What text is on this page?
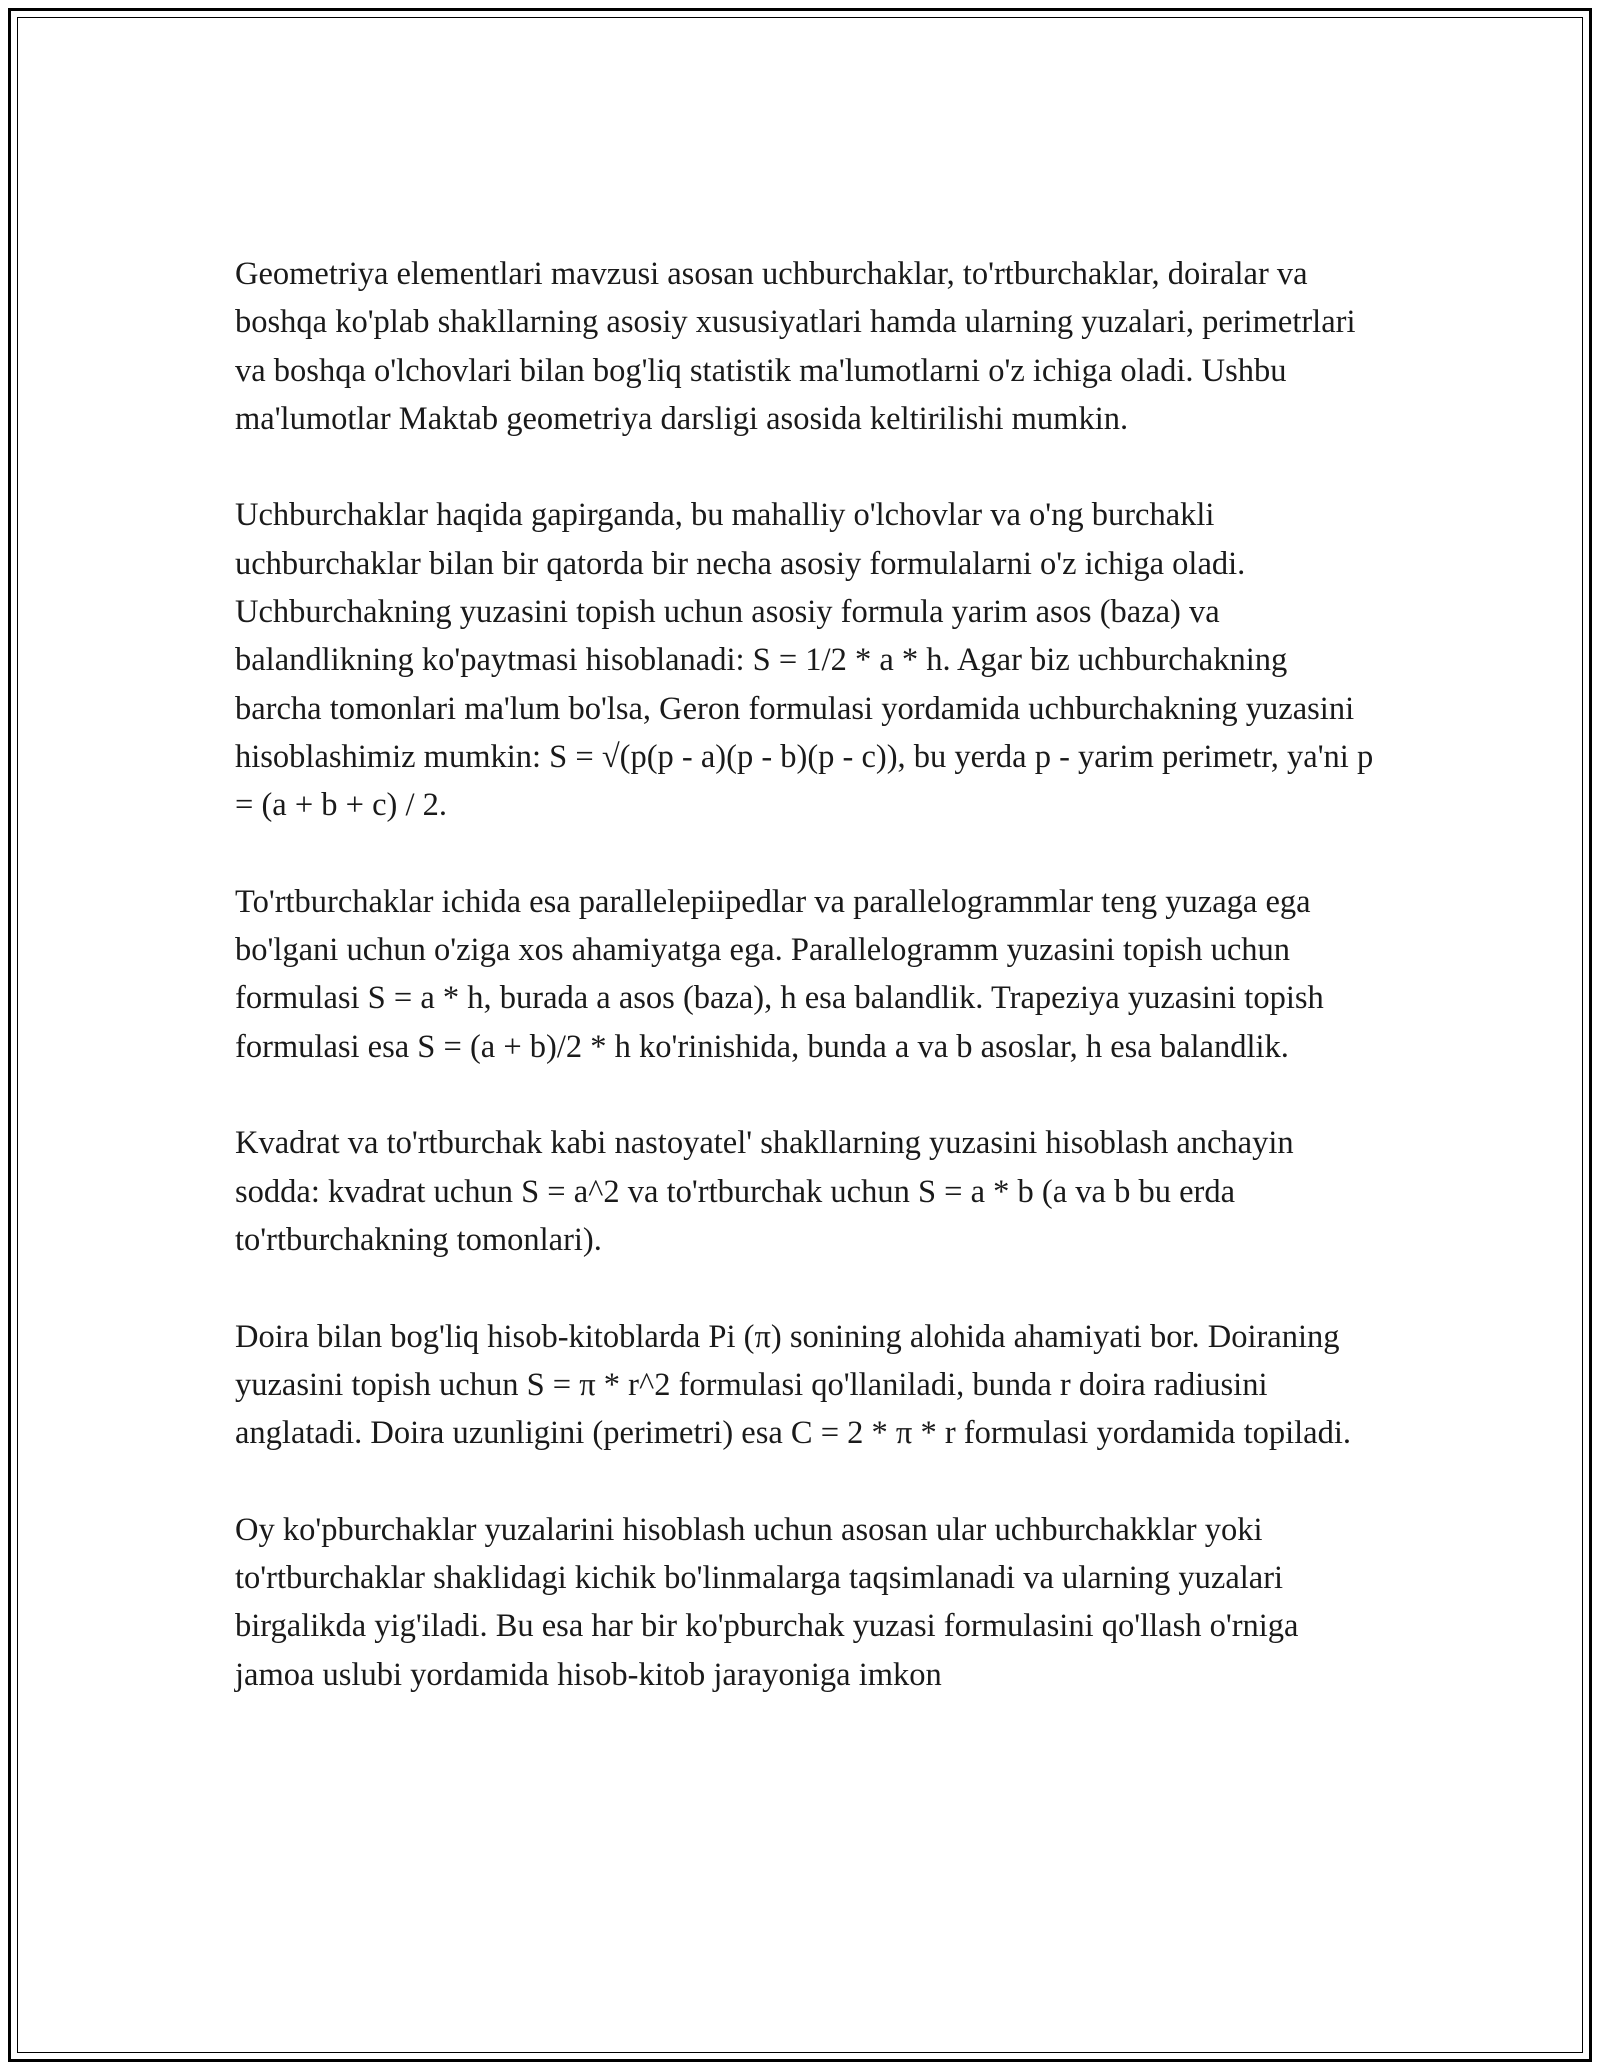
Geometriya elementlari mavzusi asosan uchburchaklar, to'rtburchaklar, doiralar va boshqa ko'plab shakllarning asosiy xususiyatlari hamda ularning yuzalari, perimetrlari va boshqa o'lchovlari bilan bog'liq statistik ma'lumotlarni o'z ichiga oladi. Ushbu ma'lumotlar Maktab geometriya darsligi asosida keltirilishi mumkin.

Uchburchaklar haqida gapirganda, bu mahalliy o'lchovlar va o'ng burchakli uchburchaklar bilan bir qatorda bir necha asosiy formulalarni o'z ichiga oladi. Uchburchakning yuzasini topish uchun asosiy formula yarim asos (baza) va balandlikning ko'paytmasi hisoblanadi: S = 1/2 * a * h. Agar biz uchburchakning barcha tomonlari ma'lum bo'lsa, Geron formulasi yordamida uchburchakning yuzasini hisoblashimiz mumkin: S = √(p(p - a)(p - b)(p - c)), bu yerda p - yarim perimetr, ya'ni p = (a + b + c) / 2.

To'rtburchaklar ichida esa parallelepiipedlar va parallelogrammlar teng yuzaga ega bo'lgani uchun o'ziga xos ahamiyatga ega. Parallelogramm yuzasini topish uchun formulasi S = a * h, burada a asos (baza), h esa balandlik. Trapeziya yuzasini topish formulasi esa S = (a + b)/2 * h ko'rinishida, bunda a va b asoslar, h esa balandlik.

Kvadrat va to'rtburchak kabi nastoyatel' shakllarning yuzasini hisoblash anchayin sodda: kvadrat uchun S = a^2 va to'rtburchak uchun S = a * b (a va b bu erda to'rtburchakning tomonlari).

Doira bilan bog'liq hisob-kitoblarda Pi (π) sonining alohida ahamiyati bor. Doiraning yuzasini topish uchun S = π * r^2 formulasi qo'llaniladi, bunda r doira radiusini anglatadi. Doira uzunligini (perimetri) esa C = 2 * π * r formulasi yordamida topiladi.

Oy ko'pburchaklar yuzalarini hisoblash uchun asosan ular uchburchakklar yoki to'rtburchaklar shaklidagi kichik bo'linmalarga taqsimlanadi va ularning yuzalari birgalikda yig'iladi. Bu esa har bir ko'pburchak yuzasi formulasini qo'llash o'rniga jamoa uslubi yordamida hisob-kitob jarayoniga imkon
